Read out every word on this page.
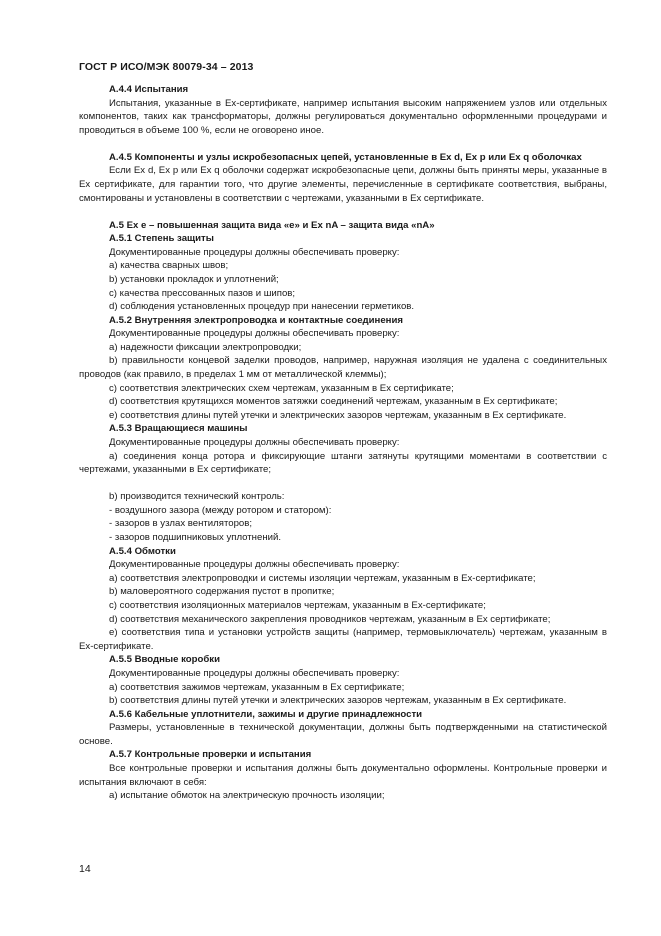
ГОСТ Р ИСО/МЭК 80079-34 – 2013
А.4.4 Испытания
Испытания, указанные в Ех-сертификате, например испытания высоким напряжением узлов или отдельных компонентов, таких как трансформаторы, должны регулироваться документально оформленными процедурами и проводиться в объеме 100 %, если не оговорено иное.
А.4.5 Компоненты и узлы искробезопасных цепей, установленные в Ex d, Ex p или Ex q оболочках
Если Ex d, Ex p или Ex q оболочки содержат искробезопасные цепи, должны быть приняты меры, указанные в Ех сертификате, для гарантии того, что другие элементы, перечисленные в сертификате соответствия, выбраны, смонтированы и установлены в соответствии с чертежами, указанными в Ех сертификате.
А.5 Ex e – повышенная защита вида «e» и Ex nA – защита вида «nA»
А.5.1 Степень защиты
Документированные процедуры должны обеспечивать проверку:
a) качества сварных швов;
b) установки прокладок и уплотнений;
c) качества прессованных пазов и шипов;
d) соблюдения установленных процедур при нанесении герметиков.
А.5.2 Внутренняя электропроводка и контактные соединения
Документированные процедуры должны обеспечивать проверку:
a) надежности фиксации электропроводки;
b) правильности концевой заделки проводов, например, наружная изоляция не удалена с соединительных проводов (как правило, в пределах 1 мм от металлической клеммы);
c) соответствия электрических схем чертежам, указанным в Ех сертификате;
d) соответствия крутящихся моментов затяжки соединений чертежам, указанным в Ех сертификате;
e) соответствия длины путей утечки и электрических зазоров чертежам, указанным в Ех сертификате.
А.5.3 Вращающиеся машины
Документированные процедуры должны обеспечивать проверку:
a) соединения конца ротора и фиксирующие штанги затянуты крутящими моментами в соответствии с чертежами, указанными в Ех сертификате;
b) производится технический контроль:
- воздушного зазора (между ротором и статором):
- зазоров в узлах вентиляторов;
- зазоров подшипниковых уплотнений.
А.5.4 Обмотки
Документированные процедуры должны обеспечивать проверку:
a) соответствия электропроводки и системы изоляции чертежам, указанным в Ех-сертификате;
b) маловероятного содержания пустот в пропитке;
c) соответствия изоляционных материалов чертежам, указанным в Ех-сертификате;
d) соответствия механического закрепления проводников чертежам, указанным в Ех сертификате;
e) соответствия типа и установки устройств защиты (например, термовыключатель) чертежам, указанным в Ех-сертификате.
А.5.5 Вводные коробки
Документированные процедуры должны обеспечивать проверку:
a) соответствия зажимов чертежам, указанным в Ех сертификате;
b) соответствия длины путей утечки и электрических зазоров чертежам, указанным в Ех сертификате.
А.5.6 Кабельные уплотнители, зажимы и другие принадлежности
Размеры, установленные в технической документации, должны быть подтвержденными на статистической основе.
А.5.7 Контрольные проверки и испытания
Все контрольные проверки и испытания должны быть документально оформлены. Контрольные проверки и испытания включают в себя:
a) испытание обмоток на электрическую прочность изоляции;
14
